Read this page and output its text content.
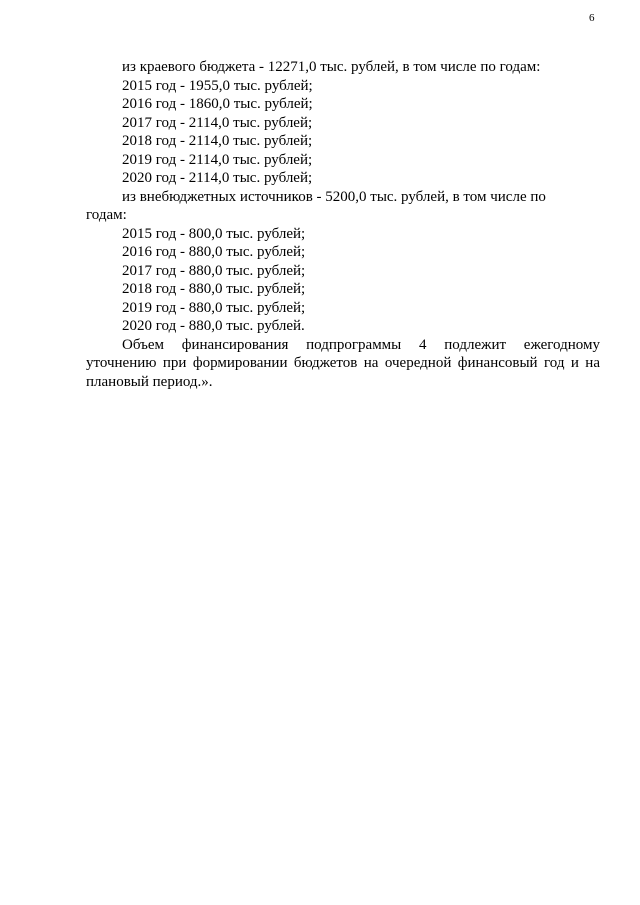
6
из краевого бюджета - 12271,0 тыс. рублей, в том числе по годам:
2015 год - 1955,0 тыс. рублей;
2016 год - 1860,0 тыс. рублей;
2017 год - 2114,0 тыс. рублей;
2018 год - 2114,0 тыс. рублей;
2019 год - 2114,0 тыс. рублей;
2020 год - 2114,0 тыс. рублей;
из внебюджетных источников - 5200,0 тыс. рублей, в том числе по
годам:
2015 год - 800,0 тыс. рублей;
2016 год - 880,0 тыс. рублей;
2017 год - 880,0 тыс. рублей;
2018 год - 880,0 тыс. рублей;
2019 год - 880,0 тыс. рублей;
2020 год - 880,0 тыс. рублей.
Объем финансирования подпрограммы 4 подлежит ежегодному
уточнению при формировании бюджетов на очередной финансовый год и на
плановый период.».
